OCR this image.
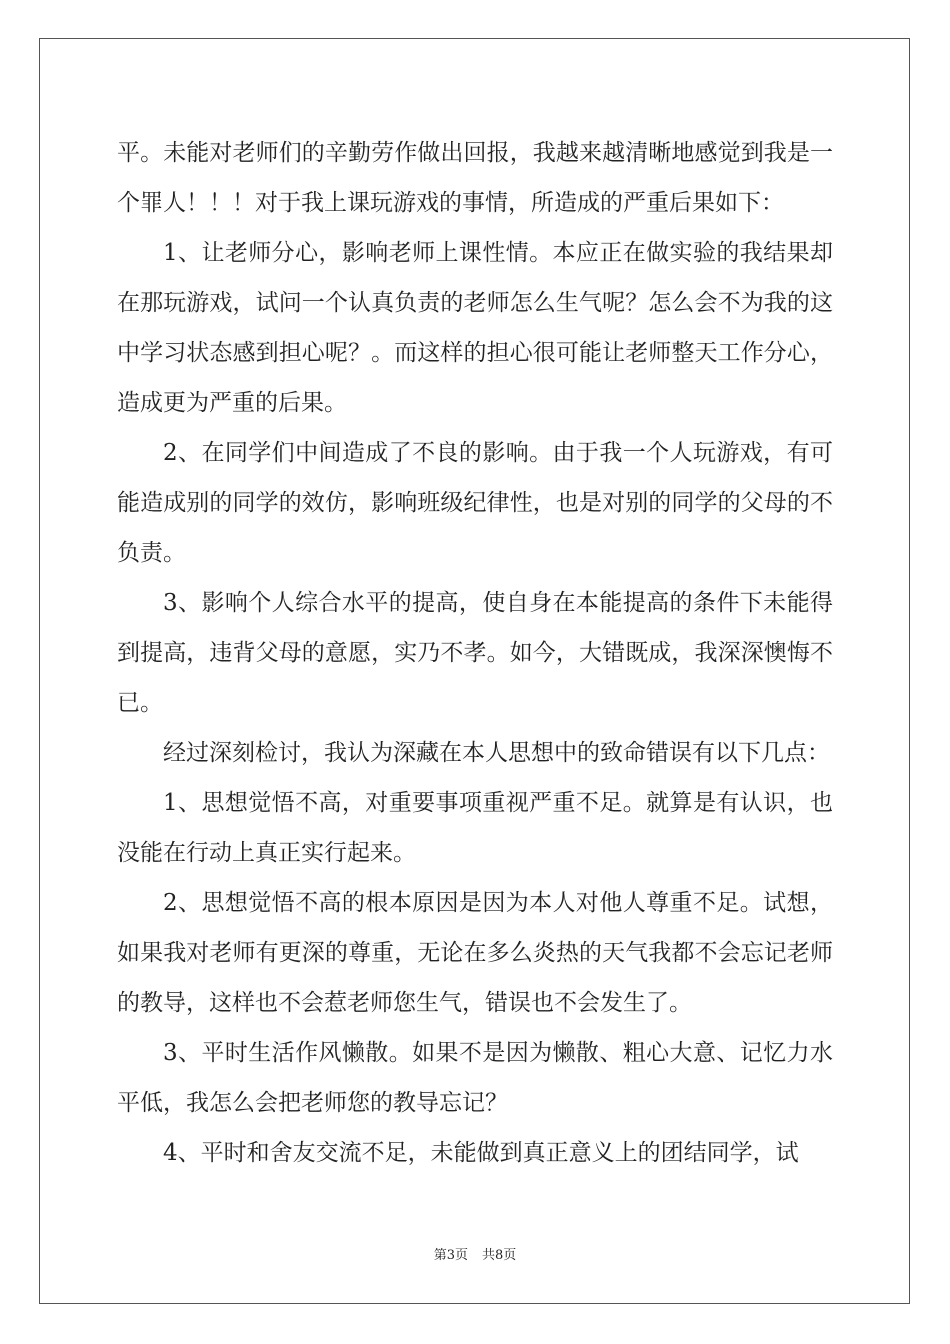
平。未能对老师们的辛勤劳作做出回报，我越来越清晰地感觉到我是一个罪人！！！对于我上课玩游戏的事情，所造成的严重后果如下：

1、让老师分心，影响老师上课性情。本应正在做实验的我结果却在那玩游戏，试问一个认真负责的老师怎么生气呢？怎么会不为我的这中学习状态感到担心呢？。而这样的担心很可能让老师整天工作分心，造成更为严重的后果。

2、在同学们中间造成了不良的影响。由于我一个人玩游戏，有可能造成别的同学的效仿，影响班级纪律性，也是对别的同学的父母的不负责。

3、影响个人综合水平的提高，使自身在本能提高的条件下未能得到提高，违背父母的意愿，实乃不孝。如今，大错既成，我深深懊悔不已。

经过深刻检讨，我认为深藏在本人思想中的致命错误有以下几点：

1、思想觉悟不高，对重要事项重视严重不足。就算是有认识，也没能在行动上真正实行起来。

2、思想觉悟不高的根本原因是因为本人对他人尊重不足。试想，如果我对老师有更深的尊重，无论在多么炎热的天气我都不会忘记老师的教导，这样也不会惹老师您生气，错误也不会发生了。

3、平时生活作风懒散。如果不是因为懒散、粗心大意、记忆力水平低，我怎么会把老师您的教导忘记？

4、平时和舍友交流不足，未能做到真正意义上的团结同学，试

第3页 共8页
